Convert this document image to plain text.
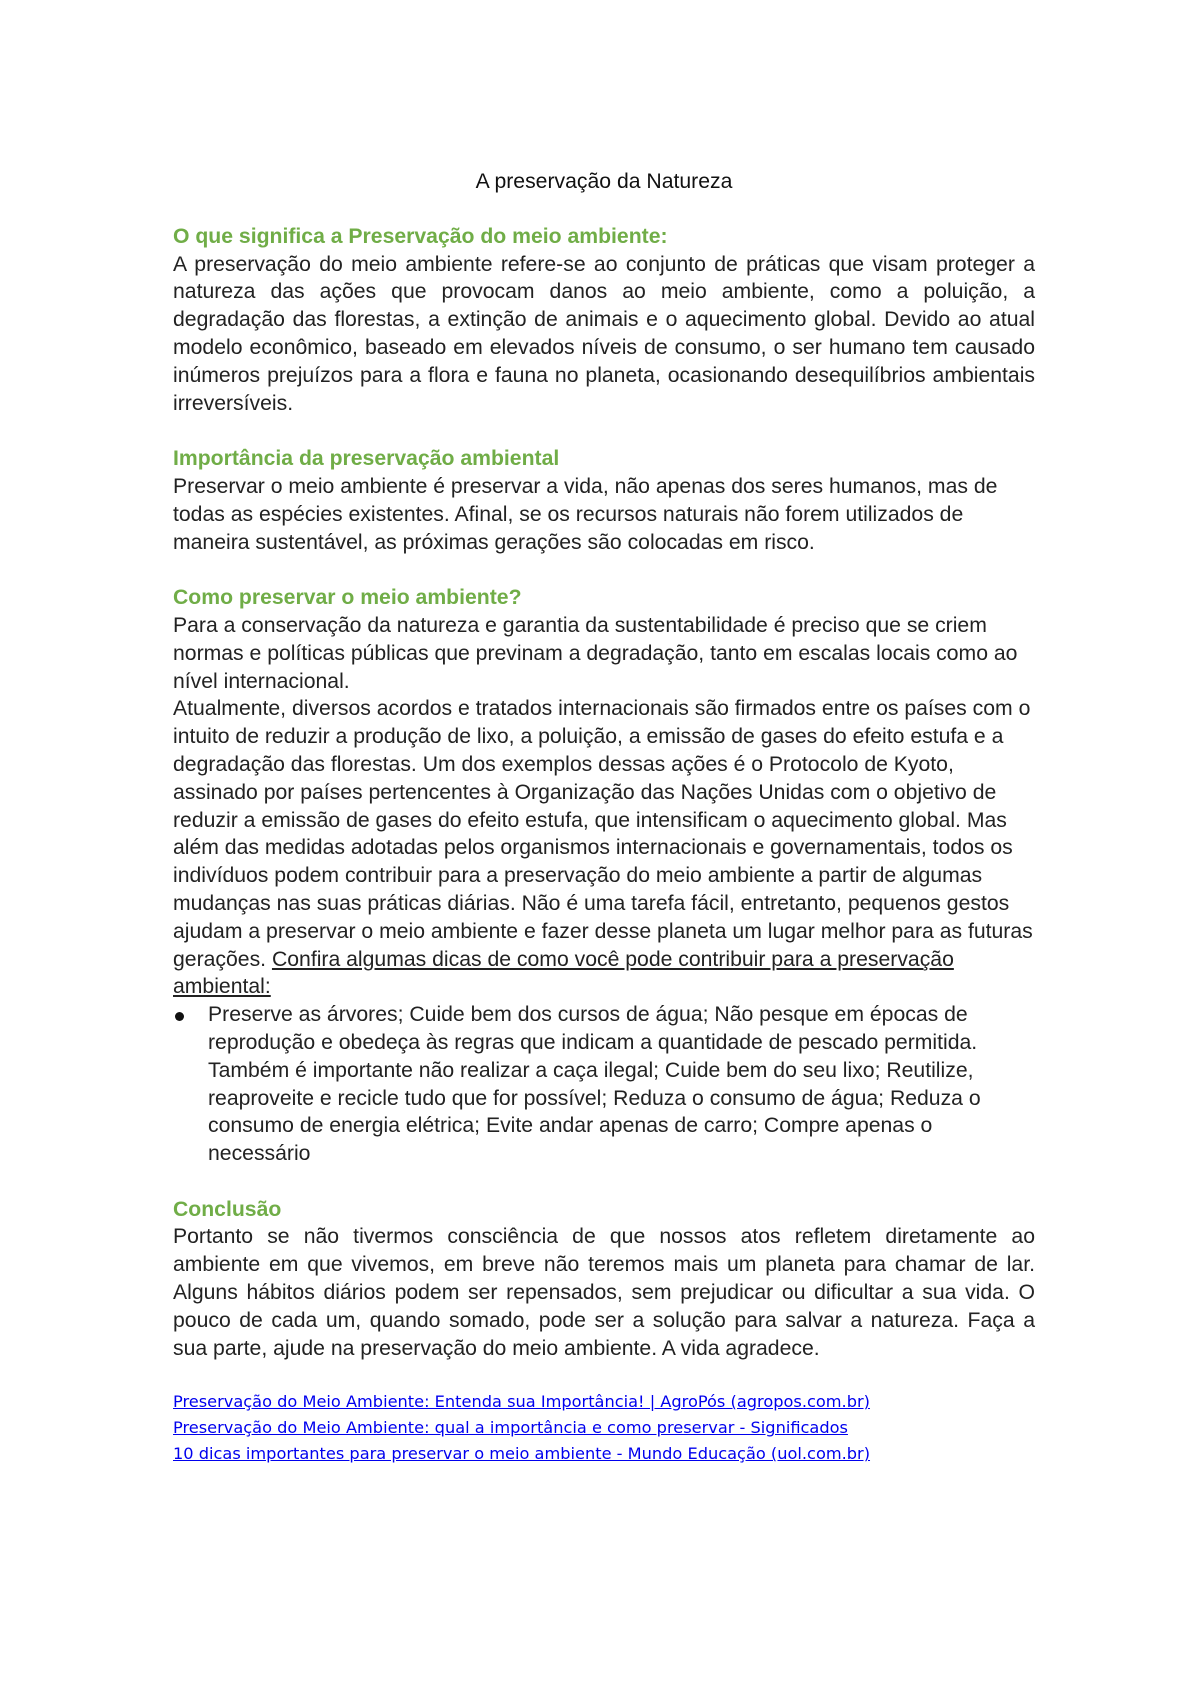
A preservação da Natureza

O que significa a Preservação do meio ambiente:

A preservação do meio ambiente refere-se ao conjunto de práticas que visam proteger a natureza das ações que provocam danos ao meio ambiente, como a poluição, a degradação das florestas, a extinção de animais e o aquecimento global. Devido ao atual modelo econômico, baseado em elevados níveis de consumo, o ser humano tem causado inúmeros prejuízos para a flora e fauna no planeta, ocasionando desequilíbrios ambientais irreversíveis.

Importância da preservação ambiental

Preservar o meio ambiente é preservar a vida, não apenas dos seres humanos, mas de todas as espécies existentes. Afinal, se os recursos naturais não forem utilizados de maneira sustentável, as próximas gerações são colocadas em risco.

Como preservar o meio ambiente?

Para a conservação da natureza e garantia da sustentabilidade é preciso que se criem normas e políticas públicas que previnam a degradação, tanto em escalas locais como ao nível internacional.

Atualmente, diversos acordos e tratados internacionais são firmados entre os países com o intuito de reduzir a produção de lixo, a poluição, a emissão de gases do efeito estufa e a degradação das florestas. Um dos exemplos dessas ações é o Protocolo de Kyoto, assinado por países pertencentes à Organização das Nações Unidas com o objetivo de reduzir a emissão de gases do efeito estufa, que intensificam o aquecimento global. Mas além das medidas adotadas pelos organismos internacionais e governamentais, todos os indivíduos podem contribuir para a preservação do meio ambiente a partir de algumas mudanças nas suas práticas diárias. Não é uma tarefa fácil, entretanto, pequenos gestos ajudam a preservar o meio ambiente e fazer desse planeta um lugar melhor para as futuras gerações. Confira algumas dicas de como você pode contribuir para a preservação ambiental:

Preserve as árvores; Cuide bem dos cursos de água; Não pesque em épocas de reprodução e obedeça às regras que indicam a quantidade de pescado permitida. Também é importante não realizar a caça ilegal; Cuide bem do seu lixo; Reutilize, reaproveite e recicle tudo que for possível; Reduza o consumo de água; Reduza o consumo de energia elétrica; Evite andar apenas de carro; Compre apenas o necessário

Conclusão

Portanto se não tivermos consciência de que nossos atos refletem diretamente ao ambiente em que vivemos, em breve não teremos mais um planeta para chamar de lar. Alguns hábitos diários podem ser repensados, sem prejudicar ou dificultar a sua vida. O pouco de cada um, quando somado, pode ser a solução para salvar a natureza. Faça a sua parte, ajude na preservação do meio ambiente. A vida agradece.

Preservação do Meio Ambiente: Entenda sua Importância! | AgroPós (agropos.com.br)
Preservação do Meio Ambiente: qual a importância e como preservar - Significados
10 dicas importantes para preservar o meio ambiente - Mundo Educação (uol.com.br)
